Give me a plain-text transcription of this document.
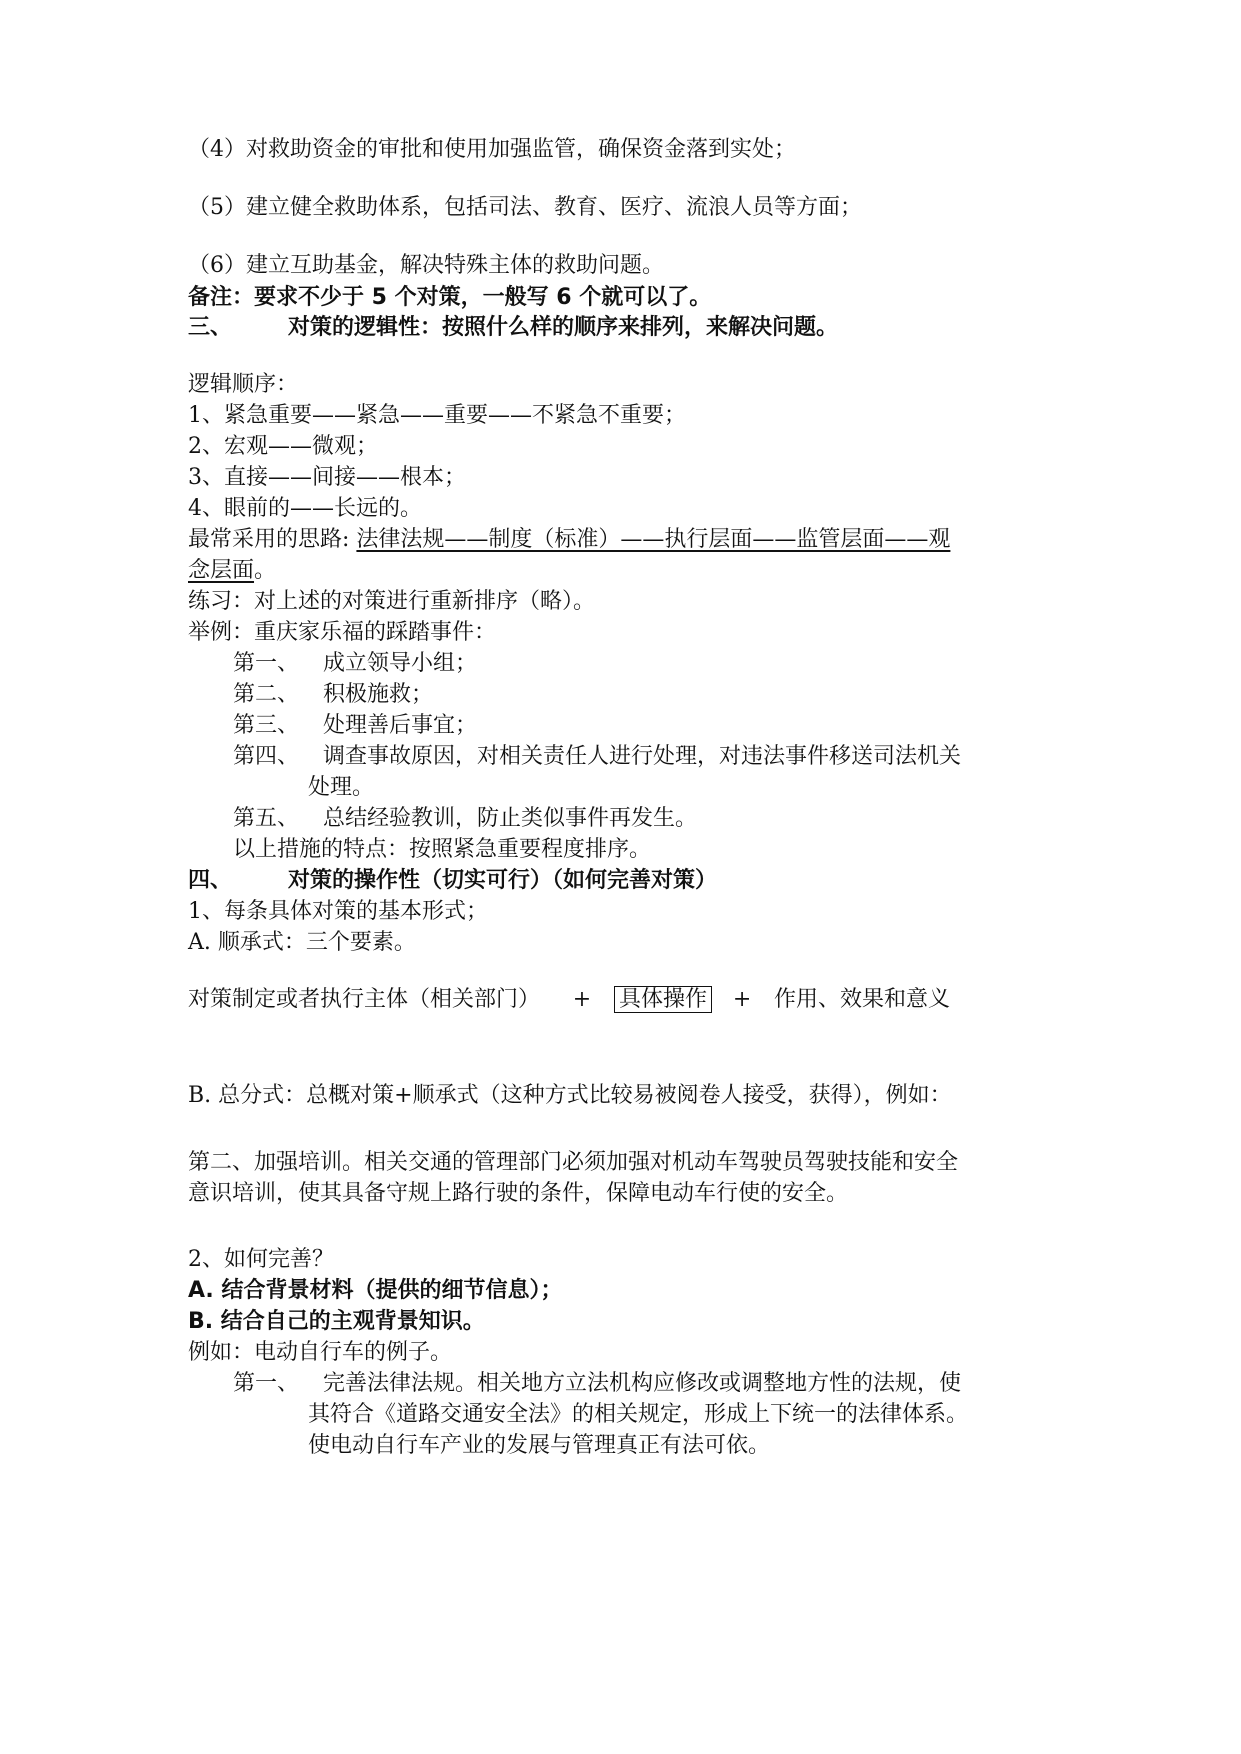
（4）对救助资金的审批和使用加强监管，确保资金落到实处；
（5）建立健全救助体系，包括司法、教育、医疗、流浪人员等方面；
（6）建立互助基金，解决特殊主体的救助问题。
备注：要求不少于 5 个对策，一般写 6 个就可以了。
三、	对策的逻辑性：按照什么样的顺序来排列，来解决问题。
逻辑顺序：
1、紧急重要——紧急——重要——不紧急不重要；
2、宏观——微观；
3、直接——间接——根本；
4、眼前的——长远的。
最常采用的思路: 法律法规——制度（标准）——执行层面——监管层面——观
念层面。
练习：对上述的对策进行重新排序（略）。
举例：重庆家乐福的踩踏事件：
第一、 成立领导小组；
第二、 积极施救；
第三、 处理善后事宜；
第四、 调查事故原因，对相关责任人进行处理，对违法事件移送司法机关
处理。
第五、 总结经验教训，防止类似事件再发生。
以上措施的特点：按照紧急重要程度排序。
四、	对策的操作性（切实可行）（如何完善对策）
1、每条具体对策的基本形式；
A. 顺承式：三个要素。
对策制定或者执行主体（相关部门） + 具体操作 + 作用、效果和意义
B. 总分式：总概对策+顺承式（这种方式比较易被阅卷人接受，获得），例如：
第二、加强培训。相关交通的管理部门必须加强对机动车驾驶员驾驶技能和安全
意识培训，使其具备守规上路行驶的条件，保障电动车行使的安全。
2、如何完善？
A. 结合背景材料（提供的细节信息）；
B. 结合自己的主观背景知识。
例如：电动自行车的例子。
第一、 完善法律法规。相关地方立法机构应修改或调整地方性的法规，使
其符合《道路交通安全法》的相关规定，形成上下统一的法律体系。
使电动自行车产业的发展与管理真正有法可依。
